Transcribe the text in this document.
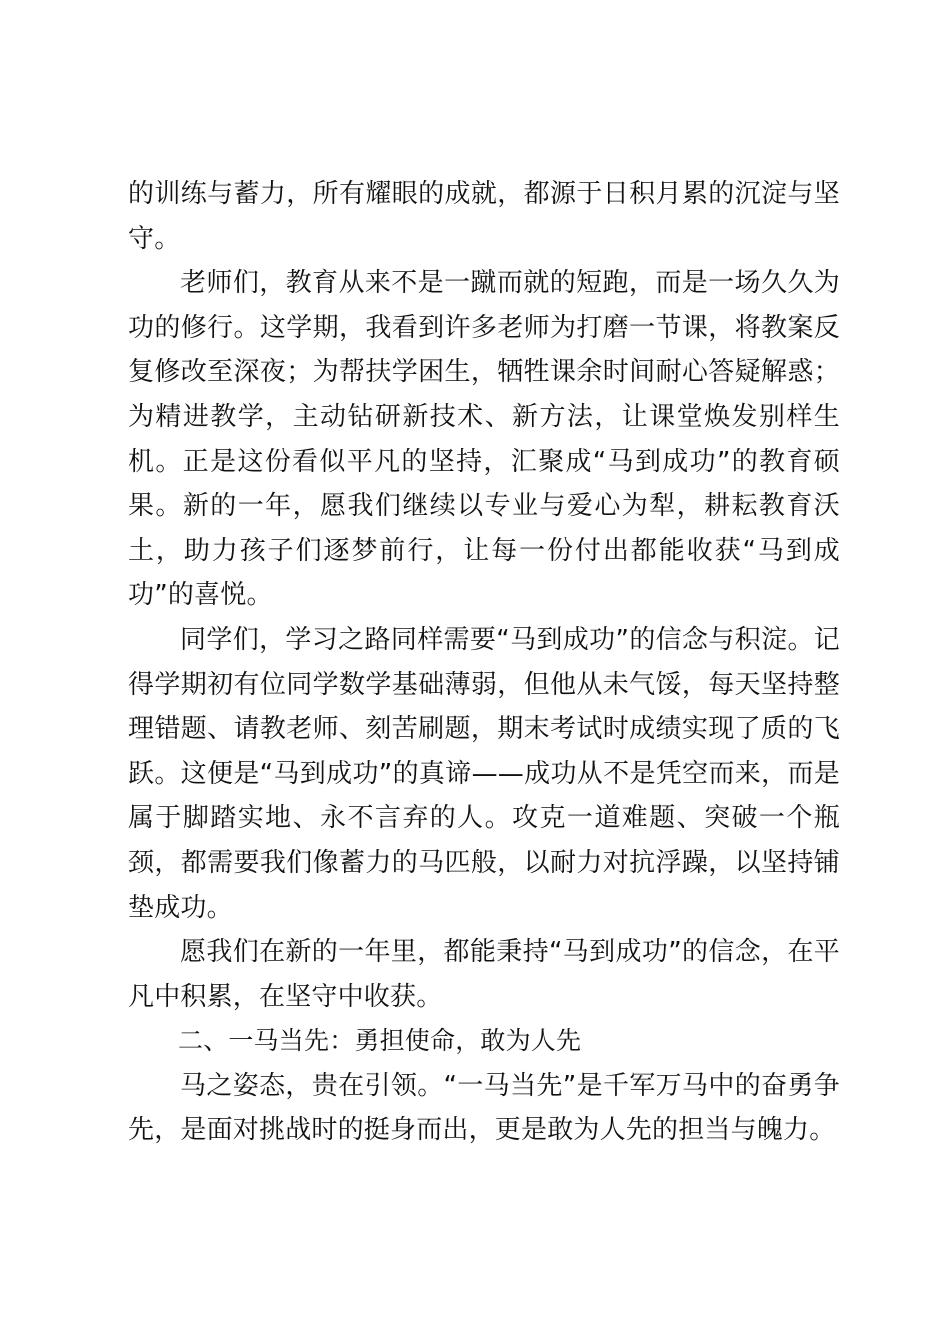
的训练与蓄力，所有耀眼的成就，都源于日积月累的沉淀与坚守。

老师们，教育从来不是一蹴而就的短跑，而是一场久久为功的修行。这学期，我看到许多老师为打磨一节课，将教案反复修改至深夜；为帮扶学困生，牺牲课余时间耐心答疑解惑；为精进教学，主动钻研新技术、新方法，让课堂焕发别样生机。正是这份看似平凡的坚持，汇聚成“马到成功”的教育硕果。新的一年，愿我们继续以专业与爱心为犁，耕耘教育沃土，助力孩子们逐梦前行，让每一份付出都能收获“马到成功”的喜悦。

同学们，学习之路同样需要“马到成功”的信念与积淀。记得学期初有位同学数学基础薄弱，但他从未气馁，每天坚持整理错题、请教老师、刻苦刷题，期末考试时成绩实现了质的飞跃。这便是“马到成功”的真谛——成功从不是凭空而来，而是属于脚踏实地、永不言弃的人。攻克一道难题、突破一个瓶颈，都需要我们像蓄力的马匹般，以耐力对抗浮躁，以坚持铺垫成功。

愿我们在新的一年里，都能秉持“马到成功”的信念，在平凡中积累，在坚守中收获。

二、一马当先：勇担使命，敢为人先

马之姿态，贵在引领。“一马当先”是千军万马中的奋勇争先，是面对挑战时的挺身而出，更是敢为人先的担当与魄力。
